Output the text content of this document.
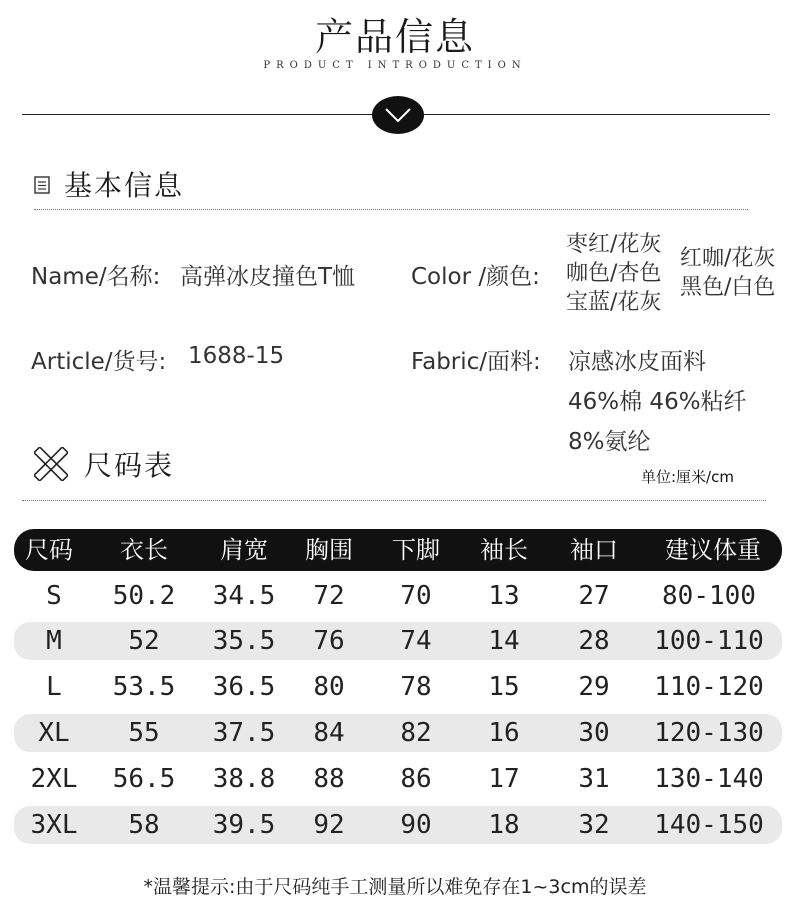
产品信息
PRODUCT INTRODUCTION
基本信息
Name/名称: 高弹冰皮撞色T恤 Color /颜色:
枣红/花灰
咖色/杏色
宝蓝/花灰
红咖/花灰
黑色/白色
Article/货号: 1688-15	Fabric/面料: 凉感冰皮面料
46%棉 46%粘纤
8%氨纶
尺码表	单位:厘米/cm
尺码	衣长	肩宽	胸围	下脚	袖长	袖口	建议体重
S	50.2	34.5	72	70	13	27	80-100
M	52	35.5	76	74	14	28	100-110
L	53.5	36.5	80	78	15	29	110-120
XL	55	37.5	84	82	16	30	120-130
2XL	56.5	38.8	88	86	17	31	130-140
3XL	58	39.5	92	90	18	32	140-150
*温馨提示:由于尺码纯手工测量所以难免存在1~3cm的误差
